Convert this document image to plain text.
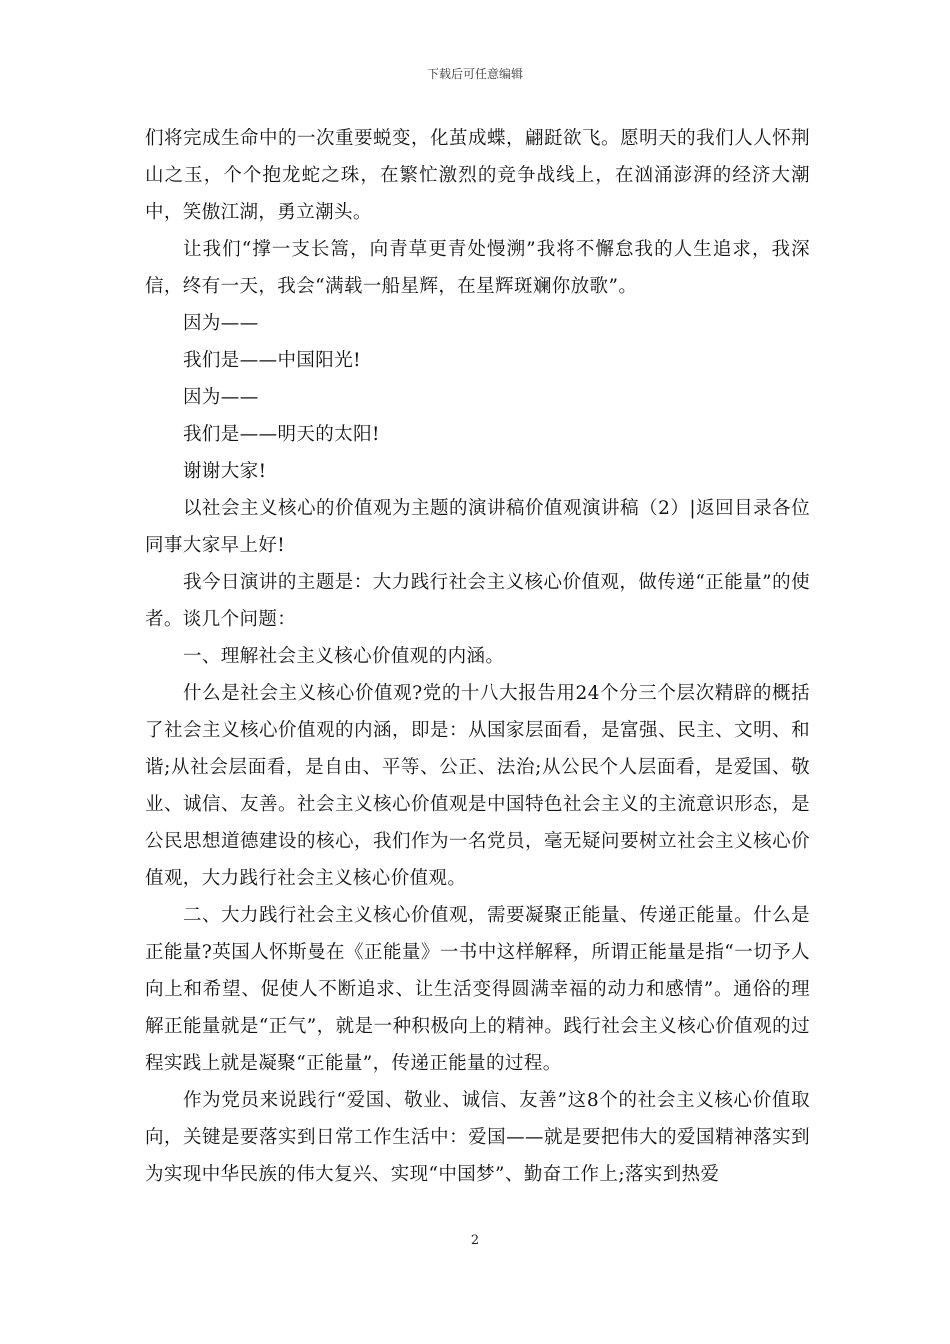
下载后可任意编辑

们将完成生命中的一次重要蜕变，化茧成蝶，翩跹欲飞。愿明天的我们人人怀荆山之玉，个个抱龙蛇之珠，在繁忙激烈的竞争战线上，在汹涌澎湃的经济大潮中，笑傲江湖，勇立潮头。

让我们“撑一支长篙，向青草更青处慢溯”我将不懈怠我的人生追求，我深信，终有一天，我会“满载一船星辉，在星辉斑斓你放歌”。

因为——

我们是——中国阳光!

因为——

我们是——明天的太阳!

谢谢大家!

以社会主义核心的价值观为主题的演讲稿价值观演讲稿（2）|返回目录各位同事大家早上好!

我今日演讲的主题是：大力践行社会主义核心价值观，做传递“正能量”的使者。谈几个问题：

一、理解社会主义核心价值观的内涵。

什么是社会主义核心价值观?党的十八大报告用24个分三个层次精辟的概括了社会主义核心价值观的内涵，即是：从国家层面看，是富强、民主、文明、和谐;从社会层面看，是自由、平等、公正、法治;从公民个人层面看，是爱国、敬业、诚信、友善。社会主义核心价值观是中国特色社会主义的主流意识形态，是公民思想道德建设的核心，我们作为一名党员，毫无疑问要树立社会主义核心价值观，大力践行社会主义核心价值观。

二、大力践行社会主义核心价值观，需要凝聚正能量、传递正能量。什么是正能量?英国人怀斯曼在《正能量》一书中这样解释，所谓正能量是指“一切予人向上和希望、促使人不断追求、让生活变得圆满幸福的动力和感情”。通俗的理解正能量就是“正气”，就是一种积极向上的精神。践行社会主义核心价值观的过程实践上就是凝聚“正能量”，传递正能量的过程。

作为党员来说践行“爱国、敬业、诚信、友善”这8个的社会主义核心价值取向，关键是要落实到日常工作生活中：爱国——就是要把伟大的爱国精神落实到为实现中华民族的伟大复兴、实现“中国梦”、勤奋工作上;落实到热爱

2
